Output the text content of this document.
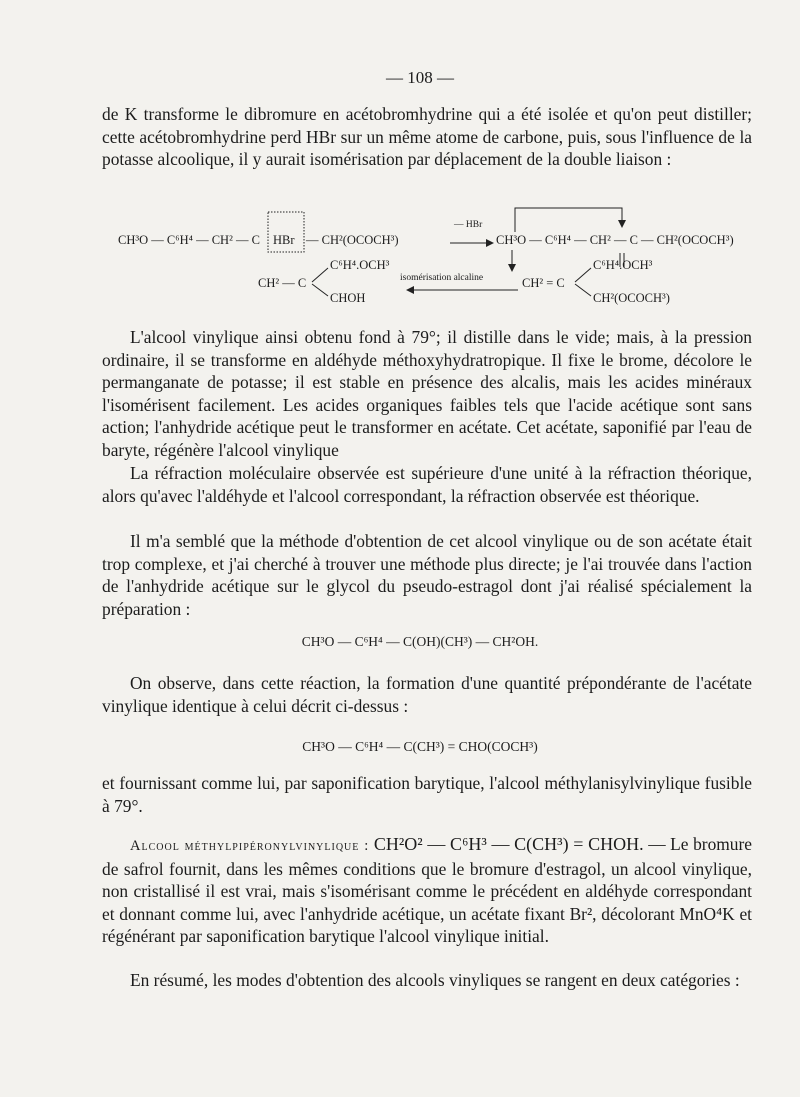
— 108 —
de K transforme le dibromure en acétobromhydrine qui a été isolée et qu'on peut distiller; cette acétobromhydrine perd HBr sur un même atome de carbone, puis, sous l'influence de la potasse alcoolique, il y aurait isomérisation par déplacement de la double liaison :
CH³O — C⁶H⁴ — CH² — C HBr — CH²(OCOCH³)
— HBr
CH³O — C⁶H⁴ — CH² — C — CH²(OCOCH³)
CH² — C
C⁶H⁴.OCH³
CHOH
isomérisation alcaline	CH² = C
C⁶H⁴.OCH³
CH²(OCOCH³)
L'alcool vinylique ainsi obtenu fond à 79°; il distille dans le vide; mais, à la pression ordinaire, il se transforme en aldéhyde méthoxyhydratropique. Il fixe le brome, décolore le permanganate de potasse; il est stable en présence des alcalis, mais les acides minéraux l'isomérisent facilement. Les acides organiques faibles tels que l'acide acétique sont sans action; l'anhydride acétique peut le transformer en acétate. Cet acétate, saponifié par l'eau de baryte, régénère l'alcool vinylique
La réfraction moléculaire observée est supérieure d'une unité à la réfraction théorique, alors qu'avec l'aldéhyde et l'alcool correspondant, la réfraction observée est théorique.
Il m'a semblé que la méthode d'obtention de cet alcool vinylique ou de son acétate était trop complexe, et j'ai cherché à trouver une méthode plus directe; je l'ai trouvée dans l'action de l'anhydride acétique sur le glycol du pseudo-estragol dont j'ai réalisé spécialement la préparation :
CH³O — C⁶H⁴ — C(OH)(CH³) — CH²OH.
On observe, dans cette réaction, la formation d'une quantité prépondérante de l'acétate vinylique identique à celui décrit ci-dessus :
CH³O — C⁶H⁴ — C(CH³) = CHO(COCH³)
et fournissant comme lui, par saponification barytique, l'alcool méthylanisylvinylique fusible à 79°.
Alcool méthylpipéronylvinylique : CH²O² — C⁶H³ — C(CH³) = CHOH. — Le bromure de safrol fournit, dans les mêmes conditions que le bromure d'estragol, un alcool vinylique, non cristallisé il est vrai, mais s'isomérisant comme le précédent en aldéhyde correspondant et donnant comme lui, avec l'anhydride acétique, un acétate fixant Br², décolorant MnO⁴K et régénérant par saponification barytique l'alcool vinylique initial.
En résumé, les modes d'obtention des alcools vinyliques se rangent en deux catégories :
